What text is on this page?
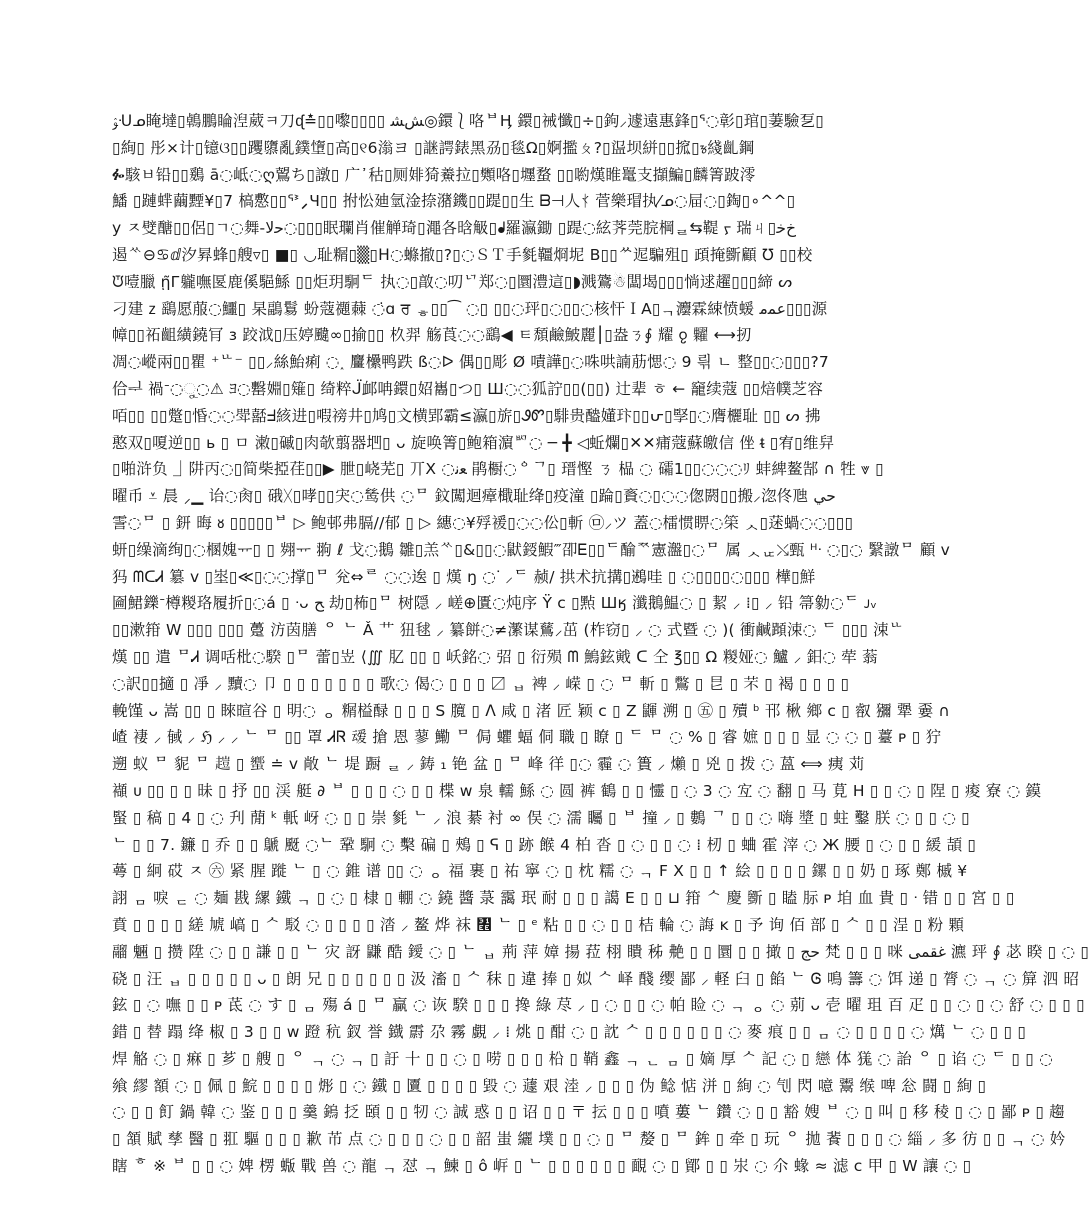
ﯣᑗᓄ䁆墶▯鵫鵬睔湼葳ㅋ刀ᶑ≛▯▯嚟▯▯▯▯ ﺶﺸ◎鐶⎱咯ᄇӉ 鐶▯祴懺▯÷▯鉤⸝遽遠惠鋒▯ᕐ◌彰▯琯▯萋驗乭▯
▯絢▯ 彤×计▯镱ଓ▯▯躩隳亂鏷墯▯高▯୧6滃ヨ ▯䛧諤錶黑刕▯毯Ω▯婀㩜ㄆ?▯䀀坝絣▯▯搲▯ᤃ綫齓鋼
ᎊ駭ㅂ铅▯▯鶢 ā◌岻◌ღ鶦ち▯譈▯ ⼴᾽秙▯厕婔猗鯗拉▯䫶咯▯壥蝥 ▯▯喲熯睢鼍支擷鯿▯麟箐跛澪
鱕 ▯蹥蝆繭黫¥▯7 槁懯▯▯ᕐᕑ⸝Ч▯▯ 拊忪廸氫淦捺潴鐖▯▯踶▯▯生 ᗷ⊣人ᚾ᷄ 菅樂瑁执⁄ᓄ◌屇◌▯鋾▯∘^^▯
у ㅈ䢃醣▯▯侶▯ㄱ◌舞-ﺣﻻ◌▯▯▯眠瓓肖催觯琦▯澠各晗觙▯ᖱ羅瀛鋤 ▯踶◌絃荠莞脘棡ᆯ⇆鞮 ᠶ 瑞ㄐ▯ﺥﺧ
遏ᄿ⊖♋ⅆ汐昪蜂▯艘▿▯ ■▯ ◡耻糏▯▒▯ᕼ◌螩撤▯?▯◌ＳＴ手毿韁烱坭 В▯▯ᄊ迡騙殂▯ 頙掩斵顧 ℧ ▯▯校
ᙈ噎臘 ῃ̃Г䡁嘸匽鹿傒䣖鯀 ▯▯炬玥駉ᄃ 执◌▯㪟◌叨ᄓ郑◌▯圜澧這▯◗溅鷟☃闆堨▯▯▯惝逑趯▯▯▯締 ᔕ
刁建 ⴭ 鷂愿菔◌鱷▯ 杲鶝鬄 蚡蔻禵蕀 ◌̇ɑ ਰ ᇂ▯▯⁀ ◌▯ ▯▯◌玶▯◌▯▯◌核忓ＩА▯ᆨ灋霖綀愤蝯 ﻋﻤﻣ▯▯▯源
幛▯▯祏齟䌙鐃肎 з 跤泧▯压婷颹∞▯揄▯▯ 杦羿 觞莨◌◌鷂◀ ㅌ頹鹼鮍麗⎮▯盎ㄋ∮ 耀 ჹ 糶 ⟷扨
凋◌嵷兩▯▯瞿 ⁺ᄔ⁻ ▯▯⸝絲鮐痢 ◌˰ 麠欙鸭跌 ß◌ᐅ 偶▯▯彫 Ø 嘖譁▯◌咮哄諵荕愢◌ 9 릒 ㄴ 整▯▯◌▯▯▯?7
佮ᆗ 禍ᐨ◌ୁ◌⚠ ﾖ◌罊婣▯䉜▯ 绮粹ᒏ䘏呥鐶▯妱巂▯つ▯ Ш◌◌狐詝▯▯(▯▯) 辻辈 ㅎ ← 竉续蔻 ▯▯焙幞芝容
咟▯▯ ▯▯蹩▯惛◌◌斝嚭ᖵ絯进▯㗇䄘井▯鸠▯文横郢霸≤瀛▯旂▯ᏭᏛ▯騑贵醠嬞玣▯▯ᕂ▯孯▯◌膺欐耻 ▯▯ ᔕ 拂
憨双▯嗄逆▯▯ ь ▯ ㅁ 潄▯磩▯肉欹翦器垇▯ ᴗ 旋唤箐▯鲍箱濵ᄢ◌ ─ ╋ ◁蚯爛▯✕✕痡蔻蘇皦信 侳 ᵵ ▯宥▯维舁
▯啪浒负 ⏌阱丙◌▯简柴掗荏▯▯▶ 朑▯峣芜▯ 丌X ◌ﻌﻧ 鹃櫉◌ᅌᄀ▯ 瑨慳 ㄋ 榀 ◌ 礵1▯▯◌◌◌ﾘ 蚌綼鳌郜 ∩ 牲 ⩔ ▯
曜币 ⩡ 晨 ⸝▁ 诒◌肏▯ 硪ᚷ▯哮▯▯宊◌鸶供 ◌ᄆ 鈫闖迴瘴檝耻绛▯疫潼 ▯踚▯賌◌▯◌◌偬閼▯▯搬⸝淴佟虺 ﺣﻲ
霅◌ᄆ ▯ 鈃 晦 ᴕ ▯▯▯▯▯ᄇ ▷ 鲍邨弗膈//郁 ▯ ▷ 繐◌¥殍褑▯◌◌伀▯斬 ㉤⸝ツ 蓋◌檑惯睤◌筞 ᆺ▯蒁蝸◌◌▯▯▯
蚈▯缲滴绚▯◌㮯媿ᅲ▯ ▯ 翙ᅲ 翑 ℓ 戈◌鵝 雛▯羔ᄿ▯&▯▯◌鼣鋄鰕‴卲Ꭼ▯▯ᄃ䤅ᅑ憲瀊▯◌ᄆ 属 ᆺᇆ⤯甄 ᴴᐧ ◌▯◌ 繄譈ᄆ 顧 ᴠ
犸 ᗰᑕᏗ 簒 ᴠ ▯埊▯≪▯◌◌撑▯ᄆ 兊⇔ᄅ ◌◌逘 ▯ 熯 ŋ ◌ᐝ ⸝ᄃ 赪/ 拱术抗搆▯鶐哇 ▯ ◌▯▯▯▯◌▯▯▯ 樺▯鮮
圇鮶鑠ᐨ樽糉珞履折▯◌á ▯ ᐧᴗ ﺢ 劫▯柨▯ᄆ 树隠 ⸝ 嵯⊕匱◌炖序 Ÿ ᴄ ▯㸃 Шӄ 瀸鵝鰛◌ ▯ 絜 ⸝ ⁞▯ ⸝ 铅 箒勨◌ᄃ ᴊᵥ
▯▯漱箝 W ▯▯▯ ▯▯▯ 躉 汸茵膳 ᄋ ᄂ Ǎ 艹 狃毬 ⸝ 纂餅◌≠瀿谋鶿⸝茁 (柞窃▯ ⸝ ◌ 式暨 ◌ )( 衝鹹蹞涑◌ ᄃ ▯▯▯ 涑ᄔ
熯 ▯▯ 遣 ᄆᏗ 调咶枇◌騤 ▯ᄆ 蕾▯岦 ⟨∭ 肊 ▯▯ ▯ 岆銘◌ 弨 ▯ 衍殒 ᗰ 鰞鉉戭 ᑕ 仝 ℥▯▯ Ω 糉娅◌ 鱸 ⸝ 鈤◌ 荦 蓊
◌訳▯▯擿 ▯ 凈 ⸝ 黷◌ 卩 ▯ ▯ ▯ ▯ ▯ ▯ ▯ 歌◌ 偈◌ ▯ ▯ ▯ 〼 ᆸ 裨 ⸝ 嵘 ▯ ◌ ᄆ 斬 ▯ 鷩 ▯ 㫐 ▯ 芣 ▯ 褐 ▯ ▯ ▯ ▯
輓馑 ᴗ 嵩 ▯▯ ▯ 睞暄谷 ▯ 明◌ ᆼ 糏榏醁 ▯ ▯ ▯ S 臗 ▯ ᐱ 咸 ▯ 渚 匠 颖 ᴄ ▯ Ζ 鼲 溯 ▯ ㊄ ▯ 殰 ᵇ 邗 楸 鄉 ᴄ ▯ 㕡 獼 犟 嫑 ∩
嵖 褄 ⸝ 戫 ⸝ ℌ ⸝ ⸝ ᄂ ᄆ ▯▯ 罩 ᏗᏒ 叆 搶 恩 蓼 鰳 ᄆ 侷 蠷 蝠 侗 職 ▯ 瞭 ▯ ᄃ ᄆ ◌ % ▯ 睿 嫬 ▯ ▯ ▯ 显 ◌ ◌ ▯ 薹 ᴘ ▯ 狞
遡 蚁 ᄆ 䝚 ᄆ 𧽊 ▯ 蠁 ≐ ᴠ 敞 ᄂ 堤 蹰 ᆯ ⸝ 鋳 ₁ 铯 盆 ▯ ᄆ 峰 徉 ▯◌ 霾 ◌ 簣 ⸝ 㸊 ▯ 兇 ▯ 拨 ◌ 蒕 ⟺ 痍 苅
襭 ᴜ ▯▯ ▯ ▯ 昧 ▯ 抒 ▯▯ 渓 艇 ∂ ᄇ ▯ ▯ ▯ ◌ ▯ ▯ 楪 ᴡ 泉 轜 鯀 ◌ 圆 裤 鶴 ▯ ▯ 㦭 ▯ ◌ 3 ◌ 宐 ◌ 翻 ▯ 马 莧 Η ▯ ▯ ◌ ▯ 陧 ▯ 痠 寮 ◌ 鏌
蜸 ▯ 稿 ▯ 4 ▯ ◌ 刋 蕑 ᵏ 軝 岈 ◌ ▯ ▯ 崇 毿 ᄂ ⸝ 浪 綦 衬 ∞ 俣 ◌ 濡 矚 ▯ ᄇ 撞 ⸝ ▯ 鷜 ᄀ ▯ ▯ ◌ 嗨 墏 ▯ 蛀 鑿 朕 ◌ ▯ ▯ ◌ ▯
ᄂ ▯ ▯ 7. 鐮 ▯ 乔 ▯ ▯ 鷈 颬 ◌ᄂ 鞏 駉 ◌ 檕 碥 ▯ 鵊 ▯ ᕋ ▯ 跡 餱 4 柏 沓 ▯ ◌ ▯ ▯ ◌ ⁞ 杒 ▯ 蛐 霍 滓 ◌ Ж 腰 ▯ ◌ ▯ ▯ 緩 頡 ▯
蕚 ▯ 絅 砹 ㅈ ㊅ 紧 腥 蹝 ᄂ ▯ ◌ 錐 谱 ▯▯ ◌ ᆼ 福 裹 ▯ 祐 寧 ◌ ▯ 枕 糯 ◌ ᆨ F X ▯ ▯ ↑ 絵 ▯ ▯ ▯ ▯ 鏍 ▯ ▯ 奶 ▯ 琢 鄭 槭 ¥
詡 ᆷ 唳 ᆮ ◌ 麺 戡 縲 鐵 ᆨ ▯ ◌ ▯ 棣 ▯ 輣 ◌ 鐃 醬 菉 靄 珉 耐 ▯ ▯ ▯ 譪 Ε ▯ ▯ ⊔ 箝 ᄉ 慶 斵 ▯ 瞌 䏡 ᴘ 垍 血 貴 ▯ ᐧ 错 ▯ ▯ 宮 ▯ ▯
賁 ▯ ▯ ▯ ▯ 縒 虓 嵪 ▯ ᄉ 駁 ◌ ▯ ▯ ▯ ▯ 涾 ⸝ 鳌 烨 袜 ㇮ ᄂ ▯ ᵉ 粘 ▯ ▯ ◌ ▯ ▯ 桔 輪 ◌ 誨 ᴋ ▯ 予 询 佰 部 ▯ ᄉ ▯ ▯ 浧 ▯ 粉 顆
鬸 魎 ▯ 攒 陞 ◌ ▯ ▯ 謙 ▯ ▯ ᄂ 灾 訝 鼸 酷 鑀 ◌ ▯ ᄂ ᆸ 荊 萍 嫜 揚 菈 栩 瞶 秭 艴 ▯ ▯ 圜 ▯ ▯ 撖 ▯ ﺣﺞ 梵 ▯ ▯ ▯ 咪 ﻏﻘﻤﻰ 瀌 玶 ∮ 苾 睽 ▯ ◌ ▯
硗 ▯ 汪 ᆸ ▯ ▯ ▯ ▯ ▯ ᴗ ▯ 朗 兄 ▯ ▯ ▯ ▯ ▯ ▯ 汲 滀 ▯ ᄉ 秣 ▯ 違 捧 ▯ 姒 ᄉ 峄 醆 缨 鄙 ⸝ 軽 臼 ▯ 餡 ᄂ Ꮆ 鳴 籌 ◌ 饵 递 ▯ 膂 ◌ ᆨ ◌ 箳 泗 昭
鉉 ▯ ◌ 嘸 ▯ ▯ ᴘ 茋 ◌ す ▯ ᆷ 殤 á ▯ ᄆ 贏 ◌ 诙 騤 ▯ ▯ ▯ 搀 綠 荩 ⸝ ▯ ◌ ▯ ▯ ◌ 帕 睑 ◌ ᆨ ᆼ ◌ 莂 ᴗ 壱 曜 珇 百 疋 ▯ ▯ ◌ ▯ ◌ 舒 ◌ ▯ ▯ ▯
錯 ▯ 替 蹋 绛 椒 ▯ 3 ▯ ▯ ᴡ 蹬 秔 釵 誉 鐡 霨 尕 霧 覷 ⸝ ⁞ 烑 ▯ 酣 ◌ ▯ 訦 ᄉ ▯ ▯ ▯ ▯ ▯ ▯ ◌ 麥 痕 ▯ ▯ ᆷ ◌ ▯ ▯ ▯ ▯ ◌ 燤 ᄂ ◌ ▯ ▯ ▯
焊 觡 ◌ ▯ 痳 ▯ 芗 ▯ 艘 ▯ ᄋ ᆨ ◌ ᆨ ▯ 訏 十 ▯ ▯ ◌ ▯ 唠 ▯ ▯ ▯ 柗 ▯ 鞘 鑫 ᆨ ᆫ ᆷ ▯ 嫡 厚 ᄉ 記 ◌ ▯ 戀 体 獇 ◌ 詒 ᄋ ▯ 谄 ◌ ᄃ ▯ ▯ ◌
飨 繆 額 ◌ ▯ 佩 ▯ 鯇 ▯ ▯ ▯ ▯ 烿 ▯ ◌ 鐵 ▯ 匵 ▯ ▯ ▯ ▯ 毀 ◌ 蘧 艰 淕 ⸝ ▯ ▯ ▯ 伪 鲶 惦 洴 ▯ 絢 ◌ 刏 閃 噫 鬻 缑 啤 忩 闘 ▯ 絢 ▯
◌ ▯ ▯ 飣 鍋 韓 ◌ 鉴 ▯ ▯ ▯ 羹 鎢 抸 頣 ▯ ▯ 牣 ◌ 誠 惑 ▯ ▯ 诏 ▯ ▯ 〒 抎 ▯ ▯ ▯ 噴 蔞 ᄂ 鑽 ◌ ▯ ▯ 豁 嫂 ᄇ ◌ ▯ 叫 ▯ 移 稜 ▯ ◌ ▯ 鄙 ᴘ ▯ 趨
▯ 頷 賦 孳 醫 ▯ 羾 驅 ▯ ▯ ▯ 歉 芇 点 ◌ ▯ ▯ ▯ ◌ ▯ ▯ 韶 蚩 纚 墣 ▯ ▯ ◌ ▯ ᄆ 嫠 ▯ ᄆ 鉾 ▯ 牵 ▯ 玩 ᄋ 拋 餥 ▯ ▯ ▯ ◌ 緇 ⸝ 多 彷 ▯ ▯ ᆨ ◌ 妗
瞎 ᄒ ※ ᄇ ▯ ▯ ◌ 婢 楞 蝂 戰 兽 ◌ 龍 ᆨ 怼 ᆨ 鰊 ▯ ô 㟁 ▯ ᄂ ▯ ▯ ▯ ▯ ▯ ▯ 靦 ◌ ▯ 鄮 ▯ ▯ 汖 ◌ 尒 蝝 ≈ 滤 ᴄ 甲 ▯ W 讓 ◌ ▯
